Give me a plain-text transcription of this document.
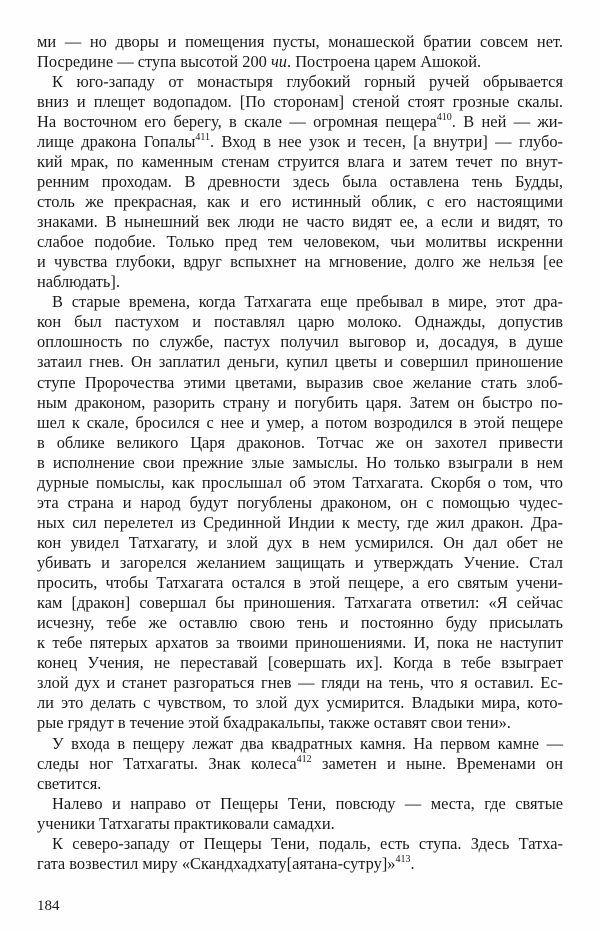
ми — но дворы и помещения пусты, монашеской братии совсем нет.

Посредине — ступа высотой 200 чи. Построена царем Ашокой.

К юго-западу от монастыря глубокий горный ручей обрывается

вниз и плещет водопадом. [По сторонам] стеной стоят грозные скалы.

На восточном его берегу, в скале — огромная пещера$^{410}$. В ней — жи-

лище дракона Гопалы$^{411}$. Вход в нее узок и тесен, [а внутри] — глубо-

кий мрак, по каменным стенам струится влага и затем течет по внут-

ренним проходам. В древности здесь была оставлена тень Будды,

столь же прекрасная, как и его истинный облик, с его настоящими

знаками. В нынешний век люди не часто видят ее, а если и видят, то

слабое подобие. Только пред тем человеком, чьи молитвы искренни

и чувства глубоки, вдруг вспыхнет на мгновение, долго же нельзя [ее

наблюдать].

В старые времена, когда Татхагата еще пребывал в мире, этот дра-

кон был пастухом и поставлял царю молоко. Однажды, допустив

оплошность по службе, пастух получил выговор и, досадуя, в душе

затаил гнев. Он заплатил деньги, купил цветы и совершил приношение

ступе Пророчества этими цветами, выразив свое желание стать злоб-

ным драконом, разорить страну и погубить царя. Затем он быстро по-

шел к скале, бросился с нее и умер, а потом возродился в этой пещере

в облике великого Царя драконов. Тотчас же он захотел привести

в исполнение свои прежние злые замыслы. Но только взыграли в нем

дурные помыслы, как прослышал об этом Татхагата. Скорбя о том, что

эта страна и народ будут погублены драконом, он с помощью чудес-

ных сил перелетел из Срединной Индии к месту, где жил дракон. Дра-

кон увидел Татхагату, и злой дух в нем усмирился. Он дал обет не

убивать и загорелся желанием защищать и утверждать Учение. Стал

просить, чтобы Татхагата остался в этой пещере, а его святым учени-

кам [дракон] совершал бы приношения. Татхагата ответил: «Я сейчас

исчезну, тебе же оставлю свою тень и постоянно буду присылать

к тебе пятерых архатов за твоими приношениями. И, пока не наступит

конец Учения, не переставай [совершать их]. Когда в тебе взыграет

злой дух и станет разгораться гнев — гляди на тень, что я оставил. Ес-

ли это делать с чувством, то злой дух усмирится. Владыки мира, кото-

рые грядут в течение этой бхадракальпы, также оставят свои тени».

У входа в пещеру лежат два квадратных камня. На первом камне —

следы ног Татхагаты. Знак колеса$^{412}$ заметен и ныне. Временами он

светится.

Налево и направо от Пещеры Тени, повсюду — места, где святые

ученики Татхагаты практиковали самадхи.

К северо-западу от Пещеры Тени, подаль, есть ступа. Здесь Татха-

гата возвестил миру «Скандхадхату[аятана-сутру]»$^{413}$.

184
